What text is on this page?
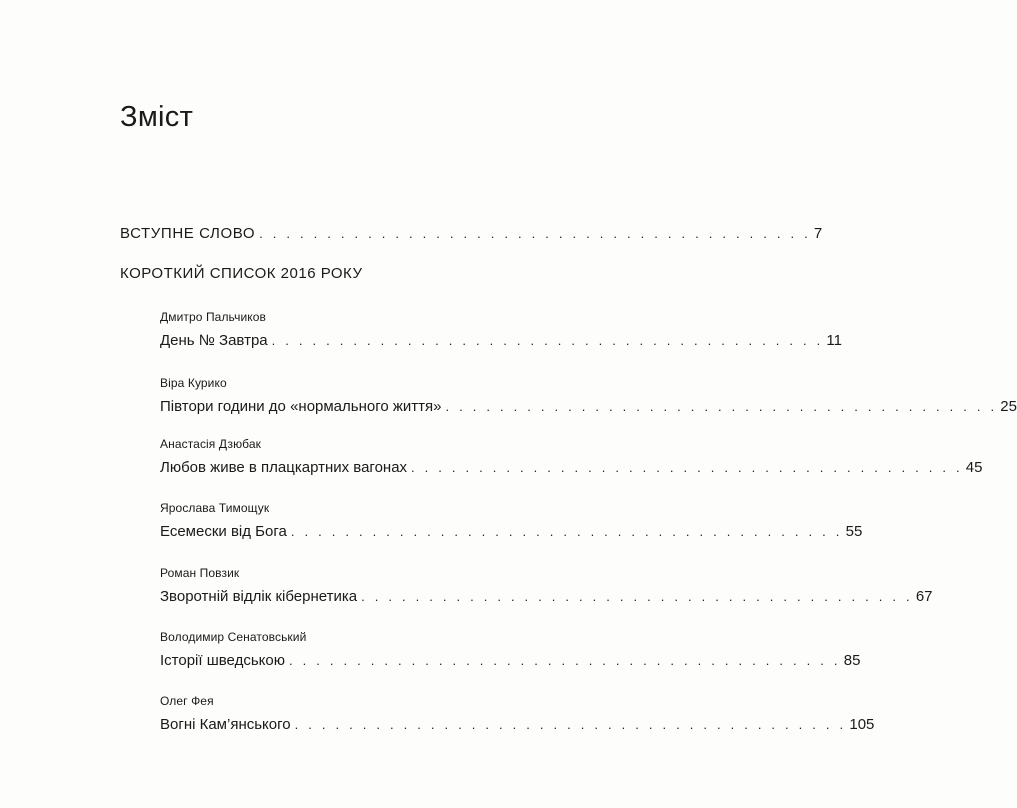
Зміст
ВСТУПНЕ СЛОВО . . . . . . . . . . . . . . . . . . . . . . . . . . . . . . . . . . . . . . . . . 7
КОРОТКИЙ СПИСОК 2016 РОКУ
Дмитро Пальчиков
День № Завтра . . . . . . . . . . . . . . . . . . . . . . . . . . . . . . . . . . . . . . . . . 11
Віра Курико
Півтори години до «нормального життя» . . . . . . . . . . . . . . . . . . . . . . . . . . . . . . . . . . . . . . . . . 25
Анастасія Дзюбак
Любов живе в плацкартних вагонах . . . . . . . . . . . . . . . . . . . . . . . . . . . . . . . . . . . . . . . . . 45
Ярослава Тимощук
Есемески від Бога . . . . . . . . . . . . . . . . . . . . . . . . . . . . . . . . . . . . . . . . . 55
Роман Повзик
Зворотній відлік кібернетика . . . . . . . . . . . . . . . . . . . . . . . . . . . . . . . . . . . . . . . . . 67
Володимир Сенатовський
Історії шведською . . . . . . . . . . . . . . . . . . . . . . . . . . . . . . . . . . . . . . . . . 85
Олег Фея
Вогні Кам’янського . . . . . . . . . . . . . . . . . . . . . . . . . . . . . . . . . . . . . . . . . 105
